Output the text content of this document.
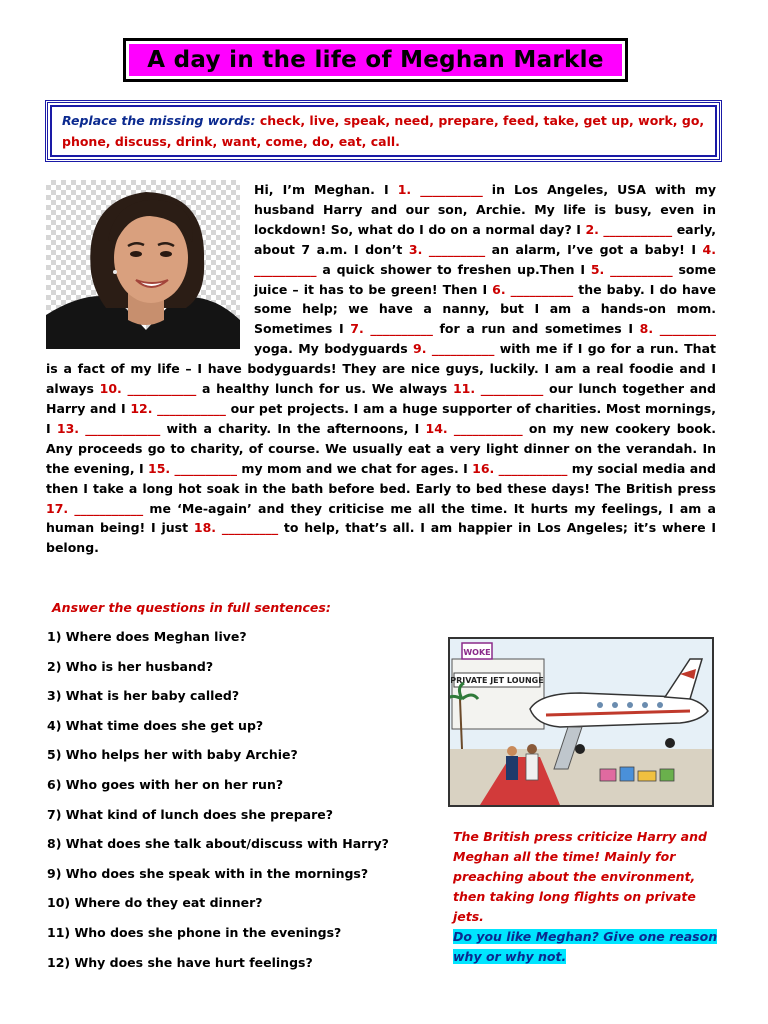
A day in the life of Meghan Markle
Replace the missing words: check, live, speak, need, prepare, feed, take, get up, work, go, phone, discuss, drink, want, come, do, eat, call.
Hi, I’m Meghan. I 1. __________ in Los Angeles, USA with my husband Harry and our son, Archie. My life is busy, even in lockdown! So, what do I do on a normal day? I 2. ___________ early, about 7 a.m. I don’t 3. _________ an alarm, I’ve got a baby! I 4. __________ a quick shower to freshen up.Then I 5. __________ some juice – it has to be green! Then I 6. __________ the baby. I do have some help; we have a nanny, but I am a hands-on mom. Sometimes I 7. __________ for a run and sometimes I 8. _________ yoga. My bodyguards 9. __________ with me if I go for a run. That is a fact of my life – I have bodyguards! They are nice guys, luckily. I am a real foodie and I always 10. ___________ a healthy lunch for us. We always 11. __________ our lunch together and Harry and I 12. ___________ our pet projects. I am a huge supporter of charities. Most mornings, I 13. ____________ with a charity. In the afternoons, I 14. ___________ on my new cookery book. Any proceeds go to charity, of course. We usually eat a very light dinner on the verandah. In the evening, I 15. __________ my mom and we chat for ages. I 16. ___________ my social media and then I take a long hot soak in the bath before bed. Early to bed these days! The British press 17. ___________ me ‘Me-again’ and they criticise me all the time. It hurts my feelings, I am a human being! I just 18. _________ to help, that’s all. I am happier in Los Angeles; it’s where I belong.
Answer the questions in full sentences:
1) Where does Meghan live?
2) Who is her husband?
3) What is her baby called?
4) What time does she get up?
5) Who helps her with baby Archie?
6) Who goes with her on her run?
7) What kind of lunch does she prepare?
8) What does she talk about/discuss with Harry?
9) Who does she speak with in the mornings?
10) Where do they eat dinner?
11) Who does she phone in the evenings?
12) Why does she have hurt feelings?
PRIVATE JET LOUNGE
WOKE
The British press criticize Harry and Meghan all the time! Mainly for preaching about the environment, then taking long flights on private jets.
Do you like Meghan? Give one reason why or why not.
